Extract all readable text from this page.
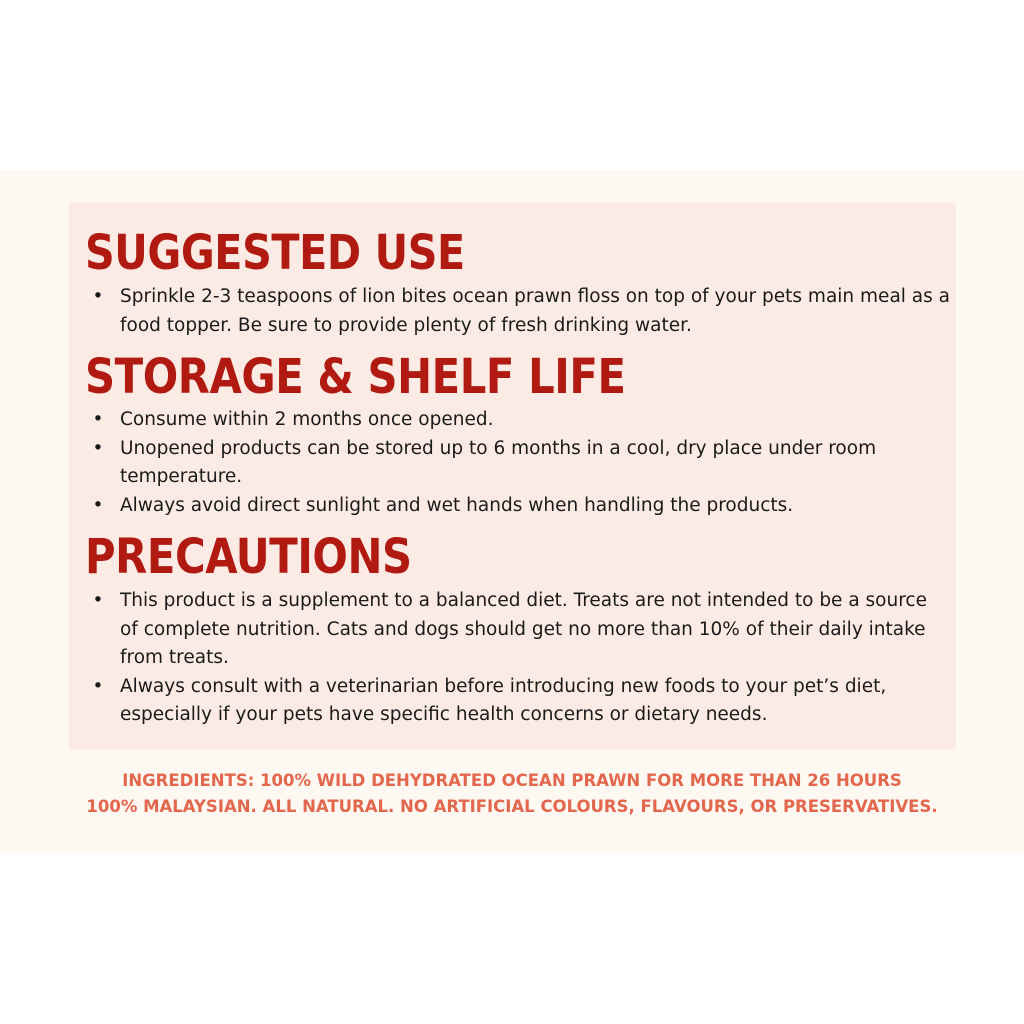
SUGGESTED USE
• Sprinkle 2-3 teaspoons of lion bites ocean prawn floss on top of your pets main meal as a food topper. Be sure to provide plenty of fresh drinking water.
STORAGE & SHELF LIFE
• Consume within 2 months once opened.
• Unopened products can be stored up to 6 months in a cool, dry place under room temperature.
• Always avoid direct sunlight and wet hands when handling the products.
PRECAUTIONS
• This product is a supplement to a balanced diet. Treats are not intended to be a source of complete nutrition. Cats and dogs should get no more than 10% of their daily intake from treats.
• Always consult with a veterinarian before introducing new foods to your pet’s diet, especially if your pets have specific health concerns or dietary needs.

INGREDIENTS: 100% WILD DEHYDRATED OCEAN PRAWN FOR MORE THAN 26 HOURS

100% MALAYSIAN. ALL NATURAL. NO ARTIFICIAL COLOURS, FLAVOURS, OR PRESERVATIVES.
